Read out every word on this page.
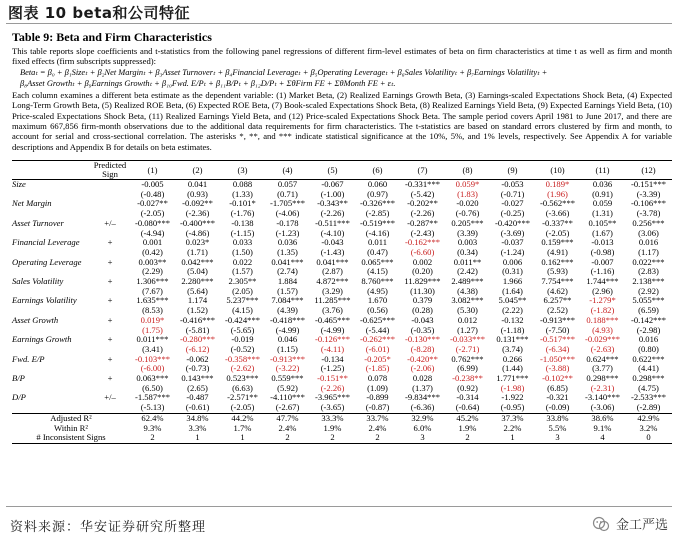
图表 10 beta和公司特征
Table 9: Beta and Firm Characteristics
This table reports slope coefficients and t-statistics from the following panel regressions of different firm-level estimates of beta on firm characteristics at time t as well as firm and month fixed effects (firm subscripts suppressed):
Betaₜ = β₀ + β₁Sizeₜ + β₂Net Marginₜ + β₃Asset Turnoverₜ + β₄Financial Leverageₜ + β₅Operating Leverageₜ + β₆Sales Volatilityₜ + β₇Earnings Volatilityₜ +
β₈Asset Growthₜ + β₉Earnings Growthₜ + β₁₀Fwd. E/Pₜ + β₁₁B/Pₜ + β₁₂D/Pₜ + ΣθFirm FE + ΣθMonth FE + εₜ.
Each column examines a different beta estimate as the dependent variable: (1) Market Beta, (2) Realized Earnings Growth Beta, (3) Earnings-scaled Expectations Shock Beta, (4) Expected Long-Term Growth Beta, (5) Realized ROE Beta, (6) Expected ROE Beta, (7) Book-scaled Expectations Shock Beta, (8) Realized Earnings Yield Beta, (9) Expected Earnings Yield Beta, (10) Price-scaled Expectations Shock Beta, (11) Realized Earnings Yield Beta, and (12) Price-scaled Expectations Shock Beta. The sample period covers April 1981 to June 2017, and there are maximum 667,856 firm-month observations due to the additional data requirements for firm characteristics. The t-statistics are based on standard errors clustered by firm and month, to account for serial and cross-sectional correlation. The asterisks *, **, and *** indicate statistical significance at the 10%, 5%, and 1% levels, respectively. See Appendix A for variable descriptions and Appendix B for details on beta estimates.
	Predicted Sign	(1)	(2)	(3)	(4)	(5)	(6)	(7)	(8)	(9)	(10)	(11)	(12)
Size		-0.005	0.041	0.088	0.057	-0.067	0.060	-0.331***	0.059*	-0.053	0.189*	0.036	-0.151***
		(-0.48)	(0.93)	(1.33)	(0.71)	(-1.00)	(0.97)	(-5.42)	(1.83)	(-0.71)	(1.96)	(0.91)	(-3.39)
Net Margin		-0.027**	-0.092**	-0.101*	-1.705***	-0.343**	-0.326***	-0.202**	-0.020	-0.027	-0.562***	0.059	-0.106***
		(-2.05)	(-2.36)	(-1.76)	(-4.06)	(-2.26)	(-2.85)	(-2.26)	(-0.76)	(-0.25)	(-3.66)	(1.31)	(-3.78)
Asset Turnover	+/–	-0.080***	-0.400***	-0.138	-0.178	-0.511***	-0.519***	-0.287**	0.205***	-0.420***	-0.337**	0.105**	0.256***
		(-4.94)	(-4.86)	(-1.15)	(-1.23)	(-4.10)	(-4.16)	(-2.43)	(3.39)	(-3.69)	(-2.05)	(1.67)	(3.06)
Financial Leverage	+	0.001	0.023*	0.033	0.036	-0.043	0.011	-0.162***	0.003	-0.037	0.159***	-0.013	0.016
		(0.42)	(1.71)	(1.50)	(1.35)	(-1.43)	(0.47)	(-6.60)	(0.34)	(-1.24)	(4.91)	(-0.98)	(1.17)
Operating Leverage	+	0.003**	0.042***	0.022	0.041***	0.041***	0.065***	0.002	0.011**	0.006	0.162***	-0.007	0.022***
		(2.29)	(5.04)	(1.57)	(2.74)	(2.87)	(4.15)	(0.20)	(2.42)	(0.31)	(5.93)	(-1.16)	(2.83)
Sales Volatility	+	1.306***	2.280***	2.305**	1.884	4.872***	8.760***	11.829***	2.489***	1.966	7.754***	1.744***	2.138***
		(7.67)	(5.64)	(2.05)	(1.57)	(3.29)	(4.95)	(11.30)	(4.38)	(1.64)	(4.62)	(2.96)	(2.92)
Earnings Volatility	+	1.635***	1.174	5.237***	7.084***	11.285***	1.670	0.379	3.082***	5.045**	6.257**	-1.279*	5.055***
		(8.53)	(1.52)	(4.15)	(4.39)	(3.76)	(0.56)	(0.28)	(5.30)	(2.22)	(2.52)	(-1.82)	(6.59)
Asset Growth	+	0.019*	-0.416***	-0.424***	-0.418***	-0.465***	-0.625***	-0.043	0.012	-0.132	-0.913***	0.188***	-0.142***
		(1.75)	(-5.81)	(-5.65)	(-4.99)	(-4.99)	(-5.44)	(-0.35)	(1.27)	(-1.18)	(-7.50)	(4.93)	(-2.98)
Earnings Growth	+	0.011***	-0.280***	-0.019	0.046	-0.126***	-0.262***	-0.130***	-0.033***	0.131***	-0.517***	-0.029***	0.016
		(3.41)	(-6.12)	(-0.52)	(1.15)	(-4.11)	(-6.01)	(-8.28)	(-2.71)	(3.74)	(-6.34)	(-2.63)	(0.80)
Fwd. E/P	+	-0.103***	-0.062	-0.358***	-0.913***	-0.134	-0.205*	-0.420**	0.762***	0.266	-1.050***	0.624***	0.622***
		(-6.00)	(-0.73)	(-2.62)	(-3.22)	(-1.25)	(-1.85)	(-2.06)	(6.99)	(1.44)	(-3.88)	(3.77)	(4.41)
B/P	+	0.063***	0.143***	0.523***	0.559***	-0.151**	0.078	0.028	-0.238**	1.771***	-0.102**	0.298***	0.298***
		(6.50)	(2.65)	(6.63)	(5.92)	(-2.26)	(1.09)	(1.37)	(0.92)	(-1.98)	(6.85)	(-2.31)	(4.75)
D/P	+/–	-1.587***	-0.487	-2.571**	-4.110***	-3.965***	-0.899	-9.834***	-0.314	-1.922	-0.321	-3.140***	-2.533***
		(-5.13)	(-0.61)	(-2.05)	(-2.67)	(-3.65)	(-0.87)	(-6.36)	(-0.64)	(-0.95)	(-0.09)	(-3.06)	(-2.89)
Adjusted R²		62.4%	34.8%	44.2%	47.7%	33.3%	33.7%	32.9%	45.2%	37.3%	33.8%	38.6%	42.9%
Within R²		9.3%	3.3%	1.7%	2.4%	1.9%	2.4%	6.0%	1.9%	2.2%	5.5%	9.1%	3.2%
# Inconsistent Signs		2	1	1	2	2	2	3	2	1	3	4	0
资料来源：华安证券研究所整理	金工严选
